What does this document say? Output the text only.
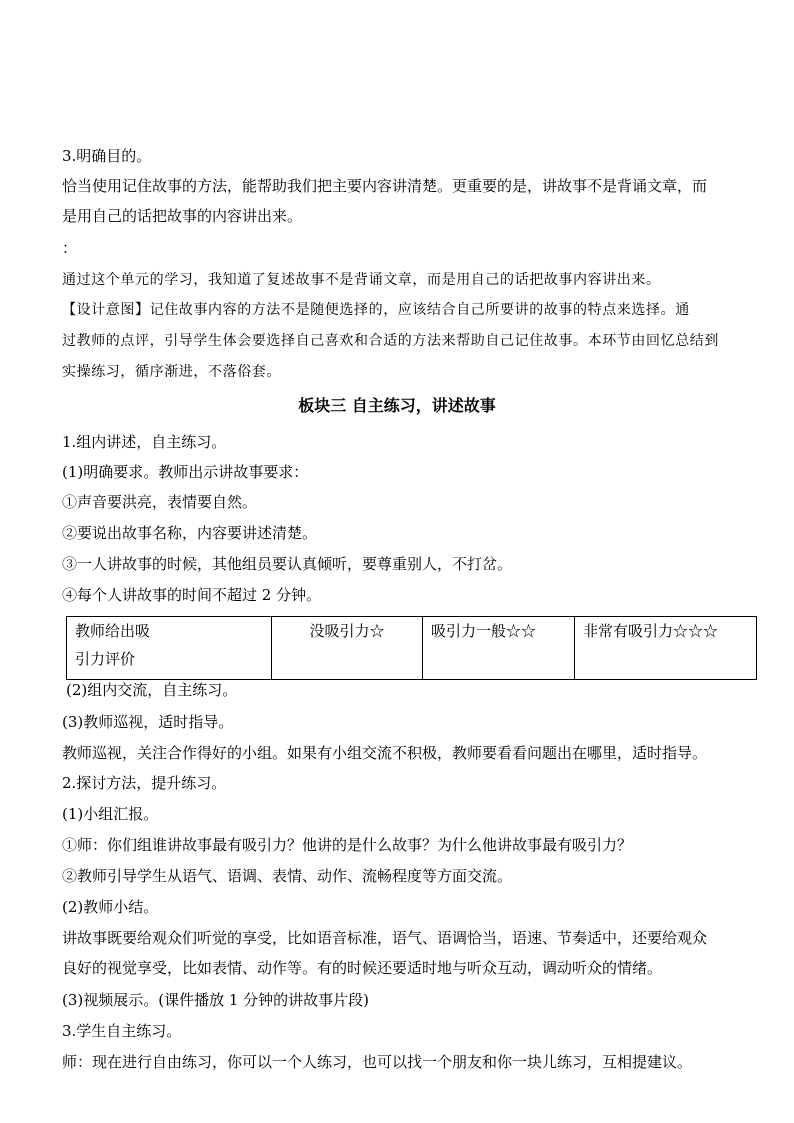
3.明确目的。
恰当使用记住故事的方法，能帮助我们把主要内容讲清楚。更重要的是，讲故事不是背诵文章，而
是用自己的话把故事的内容讲出来。
：
通过这个单元的学习，我知道了复述故事不是背诵文章，而是用自己的话把故事内容讲出来。
【设计意图】记住故事内容的方法不是随便选择的，应该结合自己所要讲的故事的特点来选择。通
过教师的点评，引导学生体会要选择自己喜欢和合适的方法来帮助自己记住故事。本环节由回忆总结到
实操练习，循序渐进，不落俗套。
板块三 自主练习，讲述故事
1.组内讲述，自主练习。
(1)明确要求。教师出示讲故事要求：
①声音要洪亮，表情要自然。
②要说出故事名称，内容要讲述清楚。
③一人讲故事的时候，其他组员要认真倾听，要尊重别人，不打岔。
④每个人讲故事的时间不超过 2 分钟。
教师给出吸
引力评价
	没吸引力☆	吸引力一般☆☆	非常有吸引力☆☆☆
(2)组内交流，自主练习。
(3)教师巡视，适时指导。
教师巡视，关注合作得好的小组。如果有小组交流不积极，教师要看看问题出在哪里，适时指导。
2.探讨方法，提升练习。
(1)小组汇报。
①师：你们组谁讲故事最有吸引力？他讲的是什么故事？为什么他讲故事最有吸引力？
②教师引导学生从语气、语调、表情、动作、流畅程度等方面交流。
(2)教师小结。
讲故事既要给观众们听觉的享受，比如语音标准，语气、语调恰当，语速、节奏适中，还要给观众
良好的视觉享受，比如表情、动作等。有的时候还要适时地与听众互动，调动听众的情绪。
(3)视频展示。(课件播放 1 分钟的讲故事片段)
3.学生自主练习。
师：现在进行自由练习，你可以一个人练习，也可以找一个朋友和你一块儿练习，互相提建议。
